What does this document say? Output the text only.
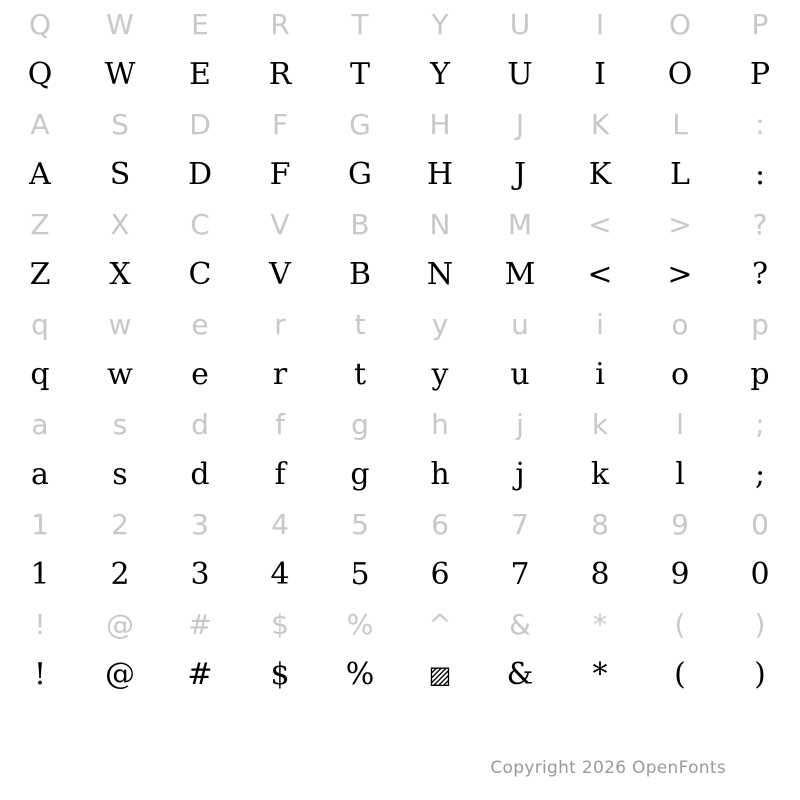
Q	W	E	R	T	Y	U	I	O	P
Q	W	E	R	T	Y	U	I	O	P
A	S	D	F	G	H	J	K	L	:
A	S	D	F	G	H	J	K	L	:
Z	X	C	V	B	N	M	<	>	?
Z	X	C	V	B	N	M	<	>	?
q	w	e	r	t	y	u	i	o	p
q	w	e	r	t	y	u	i	o	p
a	s	d	f	g	h	j	k	l	;
a	s	d	f	g	h	j	k	l	;
1	2	3	4	5	6	7	8	9	0
1	2	3	4	5	6	7	8	9	0
!	@	#	$	%	^	&	*	(	)
!	@	#	$	%	▨	&	*	(	)
Copyright 2026 OpenFonts
